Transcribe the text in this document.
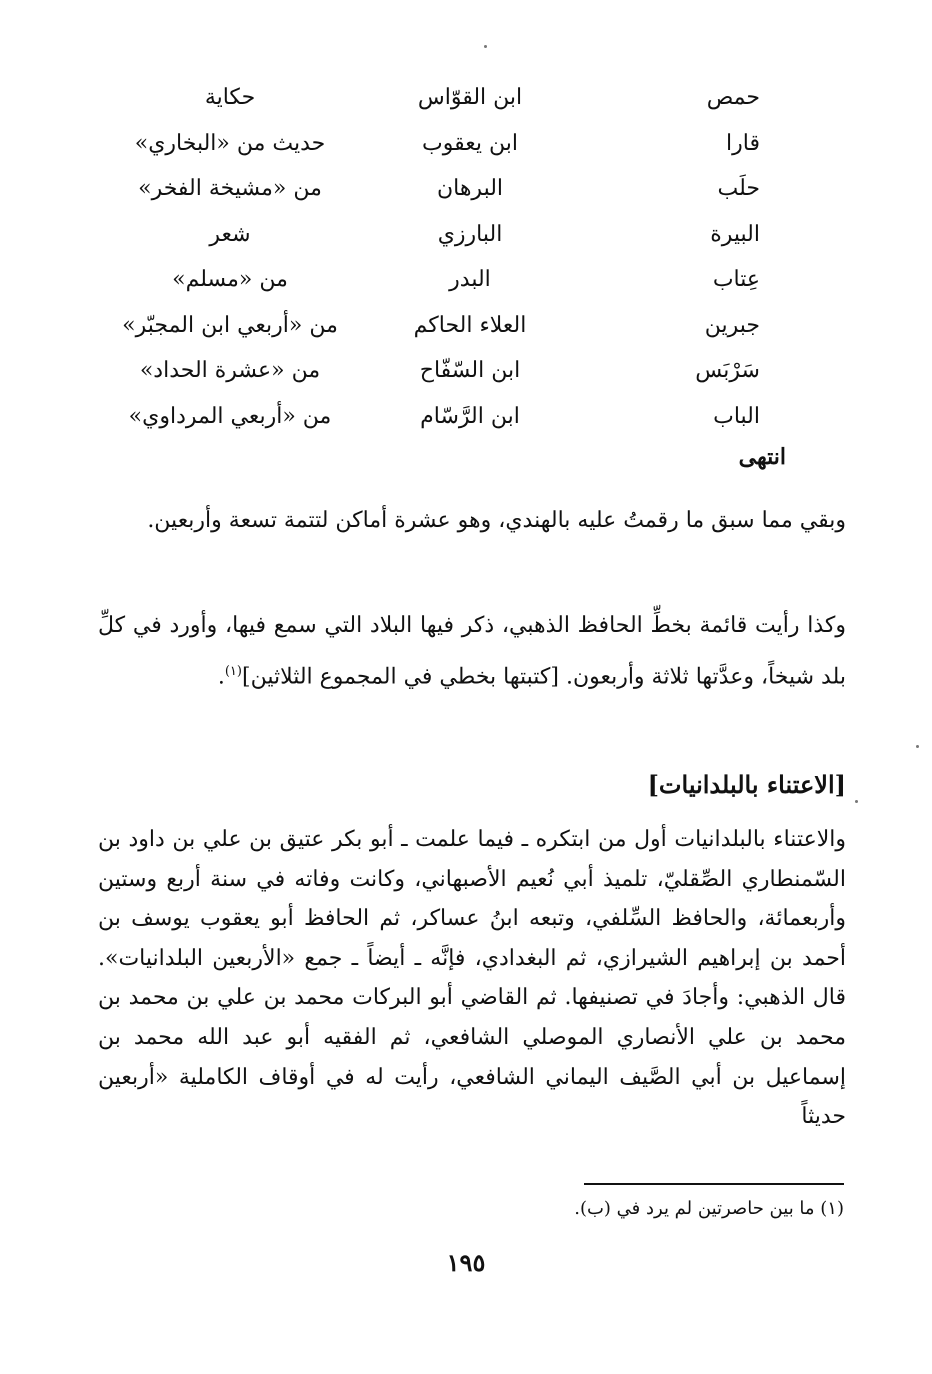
حمص
ابن القوّاس
حكاية
قارا
ابن يعقوب
حديث من «البخاري»
حلَب
البرهان
من «مشيخة الفخر»
البيرة
البارزي
شعر
عِتاب
البدر
من «مسلم»
جبرين
العلاء الحاكم
من «أربعي ابن المجبّر»
سَرْبَس
ابن السّفّاح
من «عشرة الحداد»
الباب
ابن الرَّسّام
من «أربعي المرداوي»
انتهى

وبقي مما سبق ما رقمتُ عليه بالهندي، وهو عشرة أماكن لتتمة تسعة وأربعين.

وكذا رأيت قائمة بخطِّ الحافظ الذهبي، ذكر فيها البلاد التي سمع فيها، وأورد في كلِّ بلد شيخاً، وعدَّتها ثلاثة وأربعون. [كتبتها بخطي في المجموع الثلاثين]$^{(١)}$.

[الاعتناء بالبلدانيات]

والاعتناء بالبلدانيات أول من ابتكره ـ فيما علمت ـ أبو بكر عتيق بن علي بن داود بن السّمنطاري الصِّقليّ، تلميذ أبي نُعيم الأصبهاني، وكانت وفاته في سنة أربع وستين وأربعمائة، والحافظ السِّلفي، وتبعه ابنُ عساكر، ثم الحافظ أبو يعقوب يوسف بن أحمد بن إبراهيم الشيرازي، ثم البغدادي، فإنَّه ـ أيضاً ـ جمع «الأربعين البلدانيات». قال الذهبي: وأجادَ في تصنيفها. ثم القاضي أبو البركات محمد بن علي بن محمد بن محمد بن علي الأنصاري الموصلي الشافعي، ثم الفقيه أبو عبد الله محمد بن إسماعيل بن أبي الصَّيف اليماني الشافعي، رأيت له في أوقاف الكاملية «أربعين حديثاً

(١) ما بين حاصرتين لم يرد في (ب).
١٩٥
